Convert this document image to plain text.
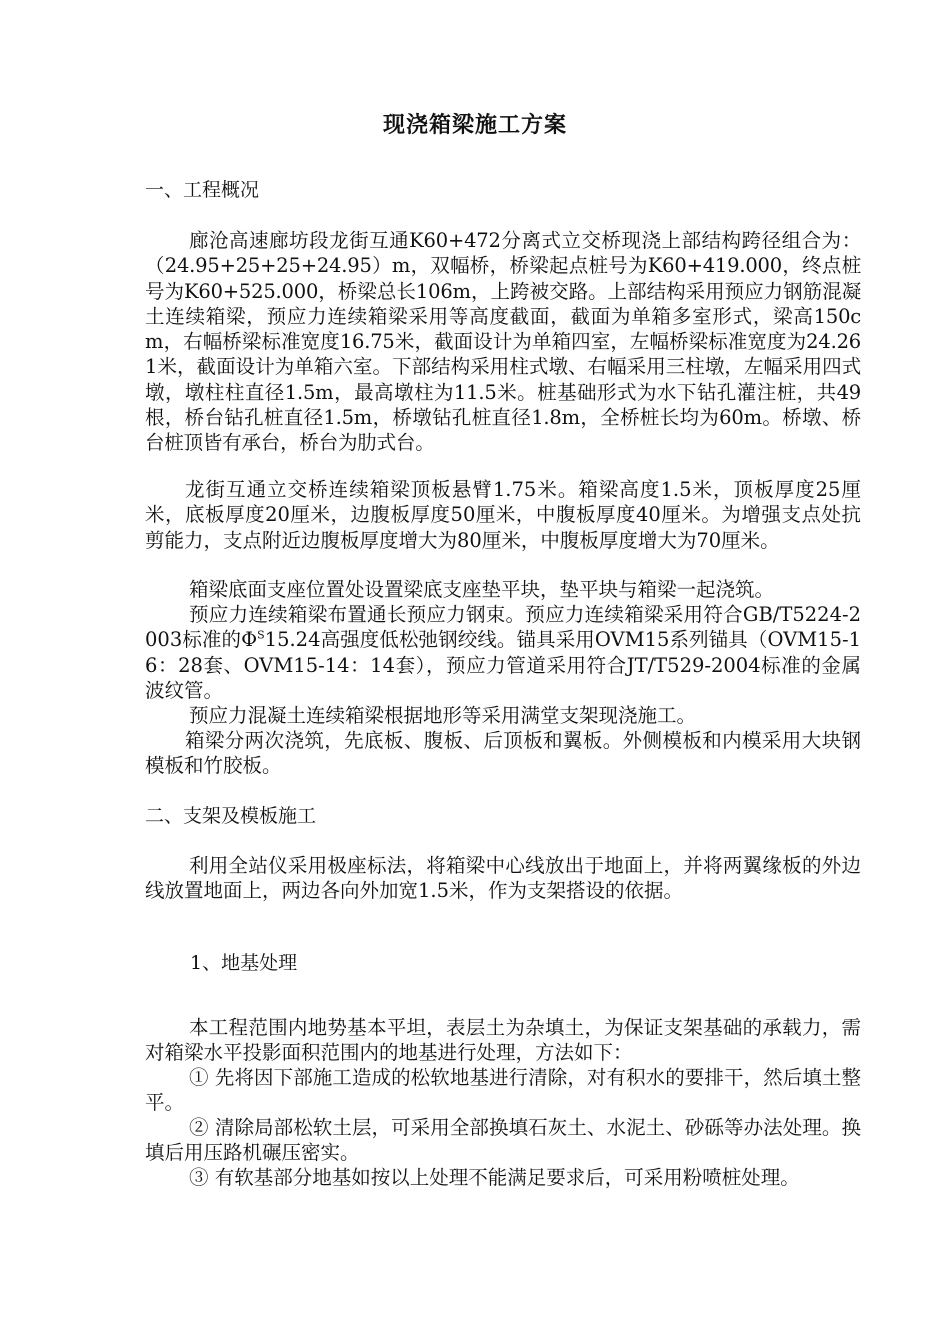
现浇箱梁施工方案
一、工程概况

廊沧高速廊坊段龙街互通K60+472分离式立交桥现浇上部结构跨径组合为：（24.95+25+25+24.95）m，双幅桥，桥梁起点桩号为K60+419.000，终点桩号为K60+525.000，桥梁总长106m，上跨被交路。上部结构采用预应力钢筋混凝土连续箱梁，预应力连续箱梁采用等高度截面，截面为单箱多室形式，梁高150cm，右幅桥梁标准宽度16.75米，截面设计为单箱四室，左幅桥梁标准宽度为24.261米，截面设计为单箱六室。下部结构采用柱式墩、右幅采用三柱墩，左幅采用四式墩，墩柱柱直径1.5m，最高墩柱为11.5米。桩基础形式为水下钻孔灌注桩，共49根，桥台钻孔桩直径1.5m，桥墩钻孔桩直径1.8m，全桥桩长均为60m。桥墩、桥台桩顶皆有承台，桥台为肋式台。

龙街互通立交桥连续箱梁顶板悬臂1.75米。箱梁高度1.5米，顶板厚度25厘米，底板厚度20厘米，边腹板厚度50厘米，中腹板厚度40厘米。为增强支点处抗剪能力，支点附近边腹板厚度增大为80厘米，中腹板厚度增大为70厘米。

箱梁底面支座位置处设置梁底支座垫平块，垫平块与箱梁一起浇筑。

预应力连续箱梁布置通长预应力钢束。预应力连续箱梁采用符合GB/T5224-2003标准的$\Phi^S15.24$高强度低松弛钢绞线。锚具采用OVM15系列锚具（OVM15-16：28套、OVM15-14：14套），预应力管道采用符合JT/T529-2004标准的金属波纹管。

预应力混凝土连续箱梁根据地形等采用满堂支架现浇施工。

箱梁分两次浇筑，先底板、腹板、后顶板和翼板。外侧模板和内模采用大块钢模板和竹胶板。

二、支架及模板施工

利用全站仪采用极座标法，将箱梁中心线放出于地面上，并将两翼缘板的外边线放置地面上，两边各向外加宽1.5米，作为支架搭设的依据。

1、地基处理

本工程范围内地势基本平坦，表层土为杂填土，为保证支架基础的承载力，需对箱梁水平投影面积范围内的地基进行处理，方法如下：

① 先将因下部施工造成的松软地基进行清除，对有积水的要排干，然后填土整平。

② 清除局部松软土层，可采用全部换填石灰土、水泥土、砂砾等办法处理。换填后用压路机碾压密实。

③ 有软基部分地基如按以上处理不能满足要求后，可采用粉喷桩处理。
